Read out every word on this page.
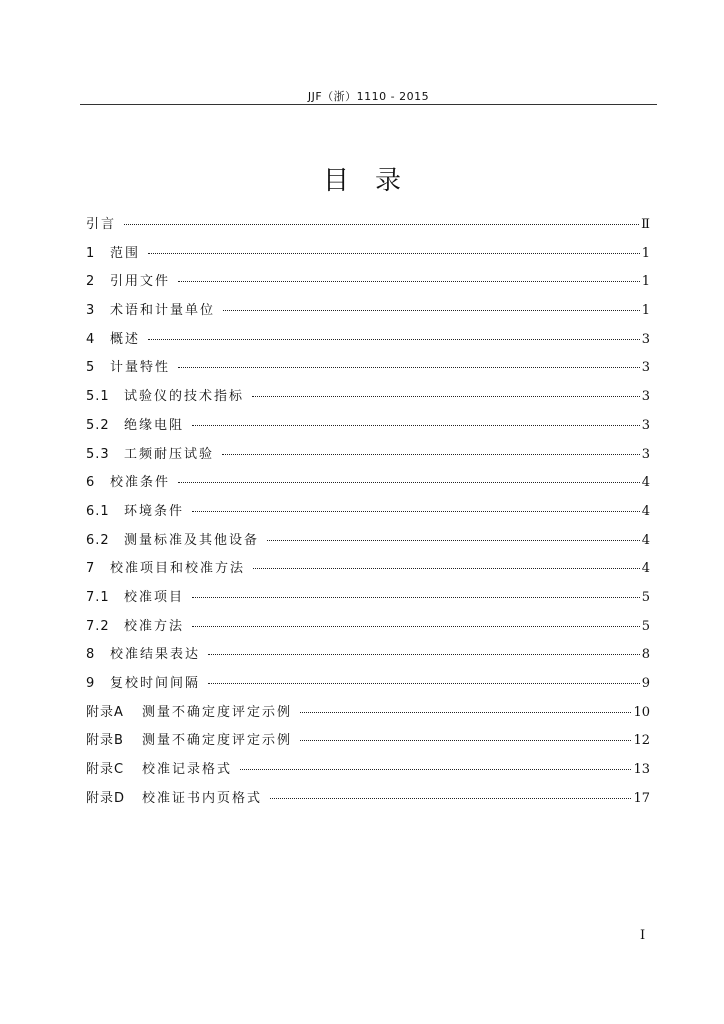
JJF（浙）1110 - 2015
目录
引言	Ⅱ
1	范围	1
2	引用文件	1
3	术语和计量单位	1
4	概述	3
5	计量特性	3
5.1	试验仪的技术指标	3
5.2	绝缘电阻	3
5.3	工频耐压试验	3
6	校准条件	4
6.1	环境条件	4
6.2	测量标准及其他设备	4
7	校准项目和校准方法	4
7.1	校准项目	5
7.2	校准方法	5
8	校准结果表达	8
9	复校时间间隔	9
附录A	测量不确定度评定示例	10
附录B	测量不确定度评定示例	12
附录C	校准记录格式	13
附录D	校准证书内页格式	17
I
